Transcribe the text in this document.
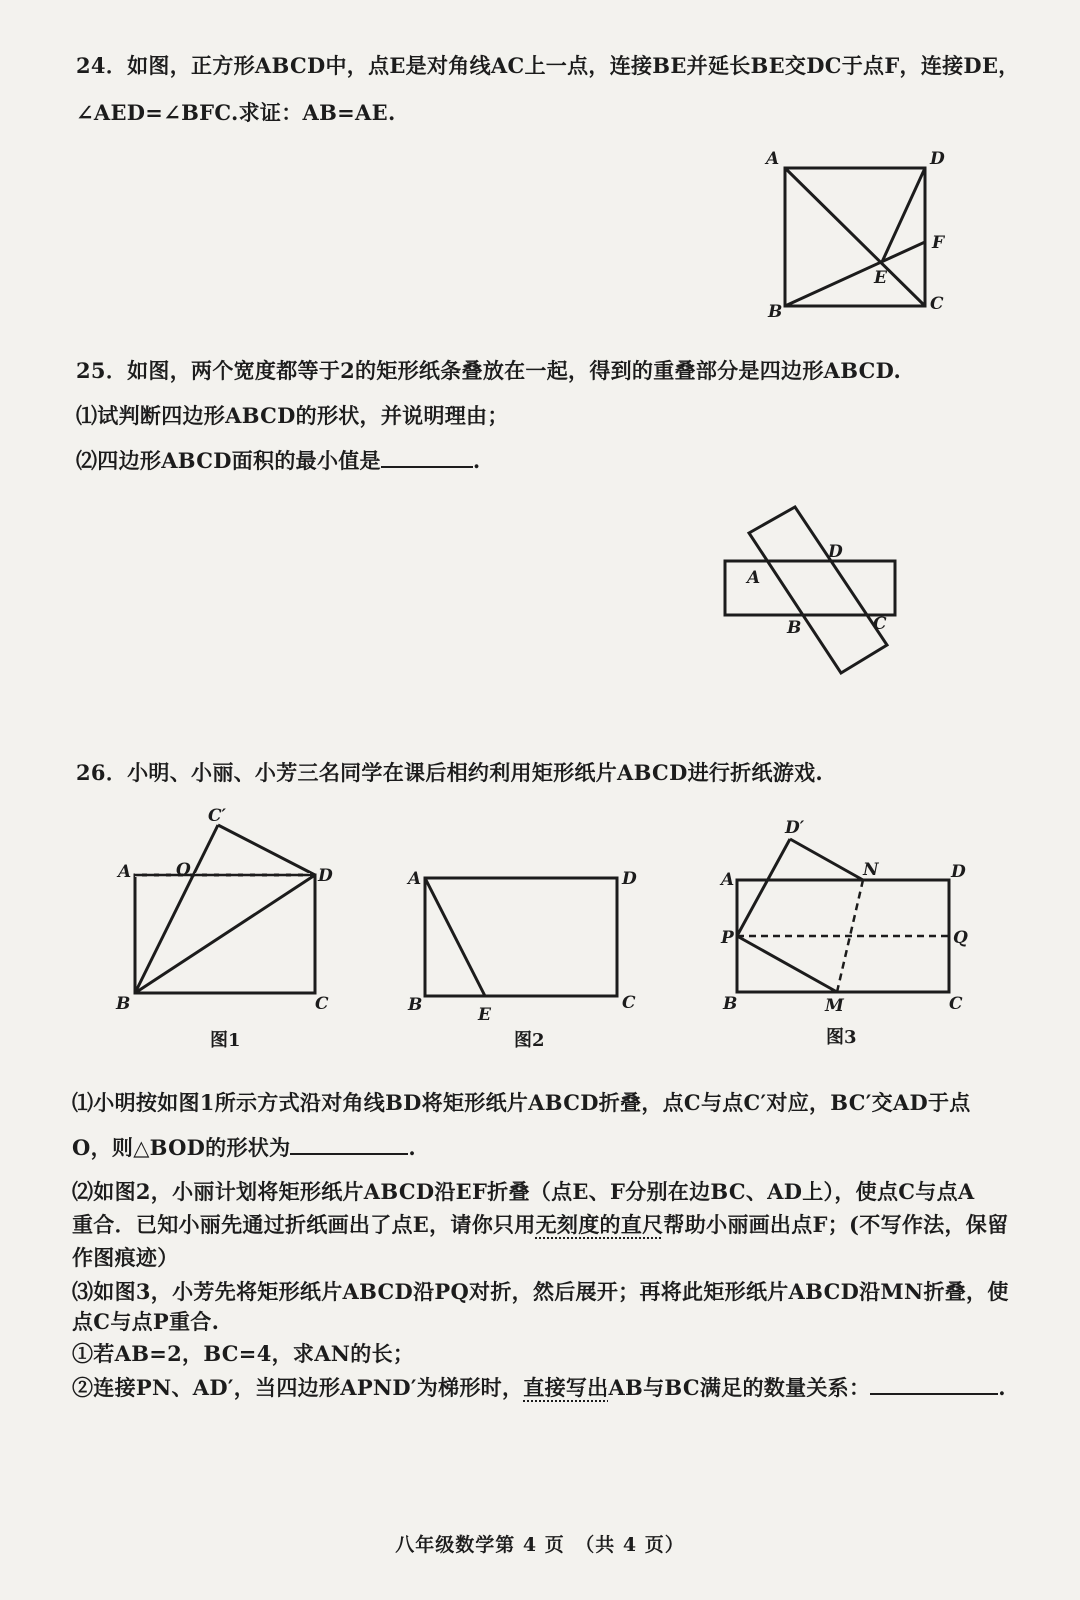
24．如图，正方形ABCD中，点E是对角线AC上一点，连接BE并延长BE交DC于点F，连接DE，
∠AED=∠BFC.求证：AB=AE.
A	D
B	C
E
F
25．如图，两个宽度都等于2的矩形纸条叠放在一起，得到的重叠部分是四边形ABCD.
⑴试判断四边形ABCD的形状，并说明理由；
⑵四边形ABCD面积的最小值是	.
A
D
B	C
26．小明、小丽、小芳三名同学在课后相约利用矩形纸片ABCD进行折纸游戏.
A	O
C′
D
B	C
图1
A	D
B	C
E
图2
A
D′
N	D
P	Q
B	M	C
图3
⑴小明按如图1所示方式沿对角线BD将矩形纸片ABCD折叠，点C与点C′对应，BC′交AD于点
O，则△BOD的形状为	.
⑵如图2，小丽计划将矩形纸片ABCD沿EF折叠（点E、F分别在边BC、AD上），使点C与点A
重合．已知小丽先通过折纸画出了点E，请你只用无刻度的直尺帮助小丽画出点F；(不写作法，保留
作图痕迹）
⑶如图3，小芳先将矩形纸片ABCD沿PQ对折，然后展开；再将此矩形纸片ABCD沿MN折叠，使
点C与点P重合.
①若AB=2，BC=4，求AN的长；
②连接PN、AD′，当四边形APND′为梯形时，直接写出AB与BC满足的数量关系：	.
八年级数学第 4 页　（共 4 页）
